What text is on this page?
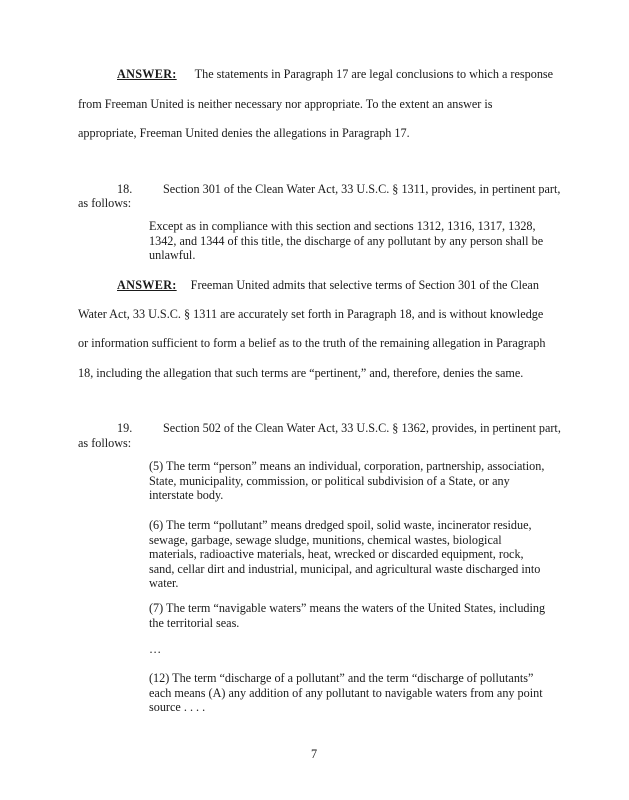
ANSWER: The statements in Paragraph 17 are legal conclusions to which a response
from Freeman United is neither necessary nor appropriate. To the extent an answer is
appropriate, Freeman United denies the allegations in Paragraph 17.
18.	Section 301 of the Clean Water Act, 33 U.S.C. § 1311, provides, in pertinent part,
as follows:
Except as in compliance with this section and sections 1312, 1316, 1317, 1328, 1342, and 1344 of this title, the discharge of any pollutant by any person shall be unlawful.
ANSWER: Freeman United admits that selective terms of Section 301 of the Clean
Water Act, 33 U.S.C. § 1311 are accurately set forth in Paragraph 18, and is without knowledge
or information sufficient to form a belief as to the truth of the remaining allegation in Paragraph
18, including the allegation that such terms are “pertinent,” and, therefore, denies the same.
19.	Section 502 of the Clean Water Act, 33 U.S.C. § 1362, provides, in pertinent part,
as follows:
(5) The term “person” means an individual, corporation, partnership, association, State, municipality, commission, or political subdivision of a State, or any interstate body.
(6) The term “pollutant” means dredged spoil, solid waste, incinerator residue, sewage, garbage, sewage sludge, munitions, chemical wastes, biological materials, radioactive materials, heat, wrecked or discarded equipment, rock, sand, cellar dirt and industrial, municipal, and agricultural waste discharged into water.
(7) The term “navigable waters” means the waters of the United States, including the territorial seas.
…
(12) The term “discharge of a pollutant” and the term “discharge of pollutants” each means (A) any addition of any pollutant to navigable waters from any point source . . . .
7
